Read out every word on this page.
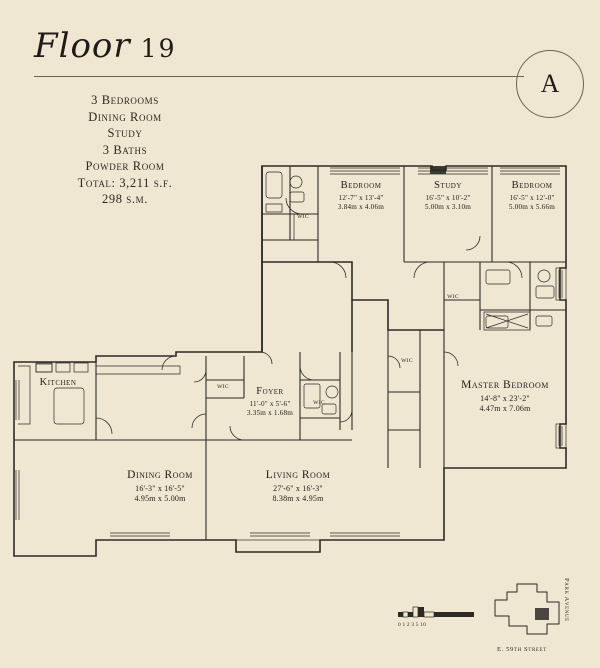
Floor 19
A
3 Bedrooms
Dining Room
Study
3 Baths
Powder Room
Total: 3,211 s.f.
298 s.m.
Bedroom
12'-7" x 13'-4"
3.84m x 4.06m
Study
16'-5" x 10'-2"
5.00m x 3.10m
Bedroom
16'-5" x 12'-0"
5.00m x 5.66m
Master Bedroom
14'-8" x 23'-2"
4.47m x 7.06m
Kitchen
Foyer
11'-0" x 5'-6"
3.35m x 1.68m
Dining Room
16'-3" x 16'-5"
4.95m x 5.00m
Living Room
27'-6" x 16'-3"
8.38m x 4.95m
WIC
WIC
WIC
WIC
WIC
0 1 2 3 5 10
E. 59th Street
Park Avenue
